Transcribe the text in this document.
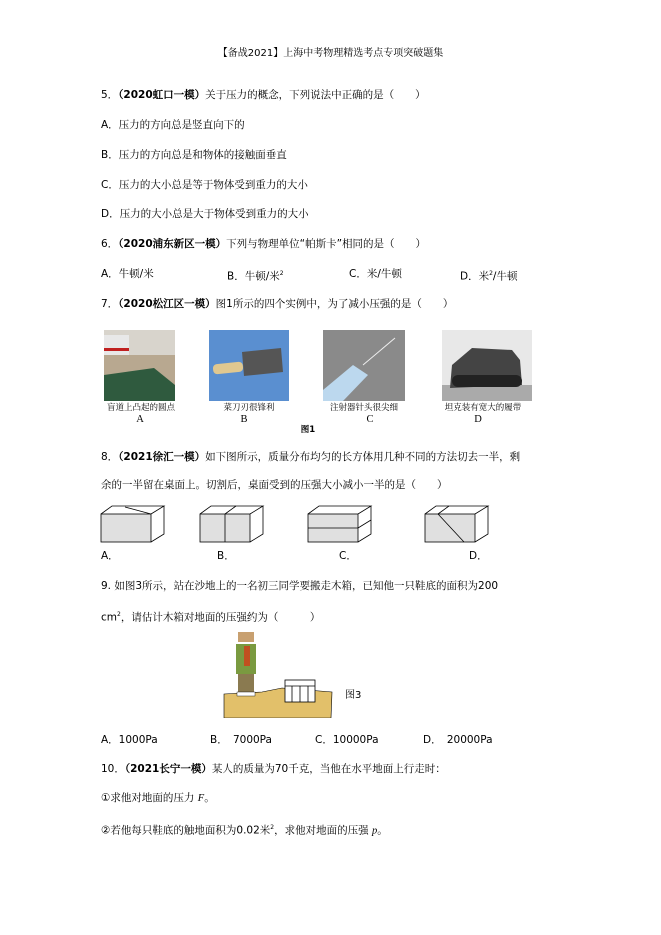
【备战2021】上海中考物理精选考点专项突破题集
5．（2020虹口一模）关于压力的概念，下列说法中正确的是（　　）
A．压力的方向总是竖直向下的
B．压力的方向总是和物体的接触面垂直
C．压力的大小总是等于物体受到重力的大小
D．压力的大小总是大于物体受到重力的大小
6．（2020浦东新区一模）下列与物理单位“帕斯卡”相同的是（　　）
A．牛顿/米	B．牛顿/米$^2$	C．米/牛顿	D．米$^2$/牛顿
7．（2020松江区一模）图1所示的四个实例中，为了减小压强的是（　　）
盲道上凸起的圆点	菜刀刃很锋利	注射器针头很尖细	坦克装有宽大的履带
A	B	C	D
图1
8．（2021徐汇一模）如下图所示，质量分布均匀的长方体用几种不同的方法切去一半，剩
余的一半留在桌面上。切割后，桌面受到的压强大小减小一半的是（　　）
A．	B．	C．	D．
9. 如图3所示，站在沙地上的一名初三同学要搬走木箱，已知他一只鞋底的面积为200
$cm^2$，请估计木箱对地面的压强约为（　　　）
图3
A．1000Pa	B．　7000Pa	C．10000Pa	D．　20000Pa
10．（2021长宁一模）某人的质量为70千克，当他在水平地面上行走时：
①求他对地面的压力 F。
②若他每只鞋底的触地面积为0.02米$^2$，求他对地面的压强 p。
